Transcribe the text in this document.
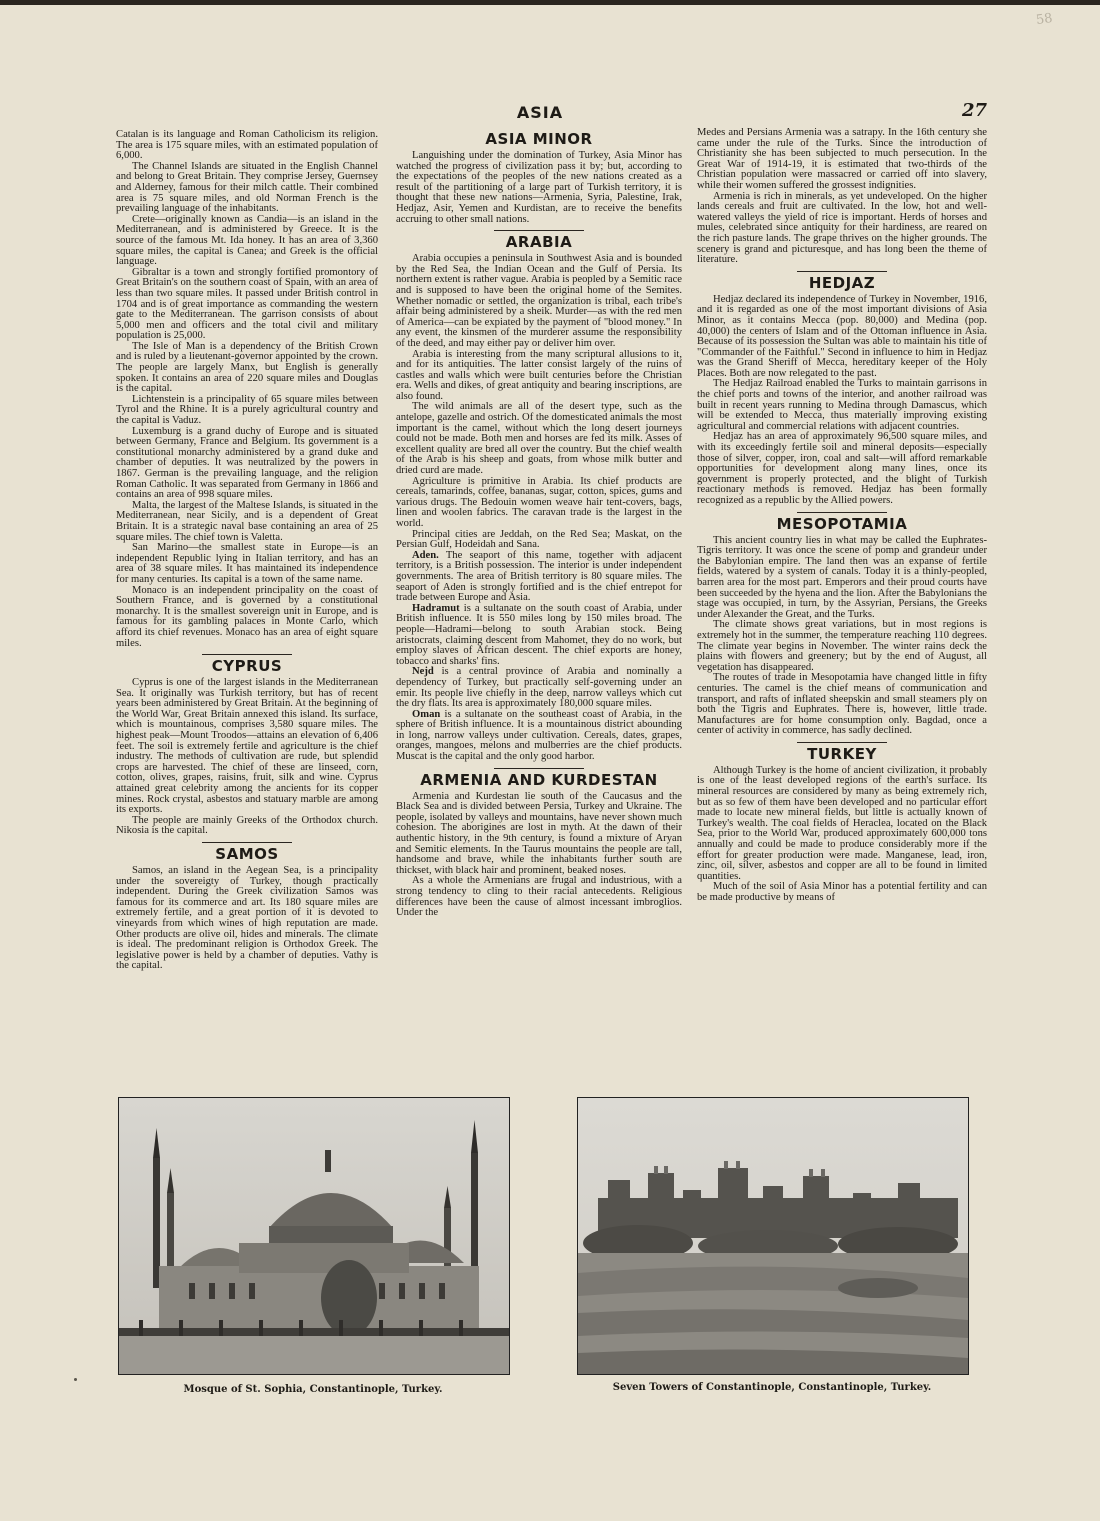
58
ASIA	27

Catalan is its language and Roman Catholicism its religion. The area is 175 square miles, with an estimated population of 6,000.

The Channel Islands are situated in the English Channel and belong to Great Britain. They comprise Jersey, Guernsey and Alderney, famous for their milch cattle. Their combined area is 75 square miles, and old Norman French is the prevailing language of the inhabitants.

Crete—originally known as Candia—is an island in the Mediterranean, and is administered by Greece. It is the source of the famous Mt. Ida honey. It has an area of 3,360 square miles, the capital is Canea; and Greek is the official language.

Gibraltar is a town and strongly fortified promontory of Great Britain's on the southern coast of Spain, with an area of less than two square miles. It passed under British control in 1704 and is of great importance as commanding the western gate to the Mediterranean. The garrison consists of about 5,000 men and officers and the total civil and military population is 25,000.

The Isle of Man is a dependency of the British Crown and is ruled by a lieutenant-governor appointed by the crown. The people are largely Manx, but English is generally spoken. It contains an area of 220 square miles and Douglas is the capital.

Lichtenstein is a principality of 65 square miles between Tyrol and the Rhine. It is a purely agricultural country and the capital is Vaduz.

Luxemburg is a grand duchy of Europe and is situated between Germany, France and Belgium. Its government is a constitutional monarchy administered by a grand duke and chamber of deputies. It was neutralized by the powers in 1867. German is the prevailing language, and the religion Roman Catholic. It was separated from Germany in 1866 and contains an area of 998 square miles.

Malta, the largest of the Maltese Islands, is situated in the Mediterranean, near Sicily, and is a dependent of Great Britain. It is a strategic naval base containing an area of 25 square miles. The chief town is Valetta.

San Marino—the smallest state in Europe—is an independent Republic lying in Italian territory, and has an area of 38 square miles. It has maintained its independence for many centuries. Its capital is a town of the same name.

Monaco is an independent principality on the coast of Southern France, and is governed by a constitutional monarchy. It is the smallest sovereign unit in Europe, and is famous for its gambling palaces in Monte Carlo, which afford its chief revenues. Monaco has an area of eight square miles.

CYPRUS

Cyprus is one of the largest islands in the Mediterranean Sea. It originally was Turkish territory, but has of recent years been administered by Great Britain. At the beginning of the World War, Great Britain annexed this island. Its surface, which is mountainous, comprises 3,580 square miles. The highest peak—Mount Troodos—attains an elevation of 6,406 feet. The soil is extremely fertile and agriculture is the chief industry. The methods of cultivation are rude, but splendid crops are harvested. The chief of these are linseed, corn, cotton, olives, grapes, raisins, fruit, silk and wine. Cyprus attained great celebrity among the ancients for its copper mines. Rock crystal, asbestos and statuary marble are among its exports.

The people are mainly Greeks of the Orthodox church. Nikosia is the capital.

SAMOS

Samos, an island in the Aegean Sea, is a principality under the sovereigty of Turkey, though practically independent. During the Greek civilization Samos was famous for its commerce and art. Its 180 square miles are extremely fertile, and a great portion of it is devoted to vineyards from which wines of high reputation are made. Other products are olive oil, hides and minerals. The climate is ideal. The predominant religion is Orthodox Greek. The legislative power is held by a chamber of deputies. Vathy is the capital.

ASIA MINOR

Languishing under the domination of Turkey, Asia Minor has watched the progress of civilization pass it by; but, according to the expectations of the peoples of the new nations created as a result of the partitioning of a large part of Turkish territory, it is thought that these new nations—Armenia, Syria, Palestine, Irak, Hedjaz, Asir, Yemen and Kurdistan, are to receive the benefits accruing to other small nations.

ARABIA

Arabia occupies a peninsula in Southwest Asia and is bounded by the Red Sea, the Indian Ocean and the Gulf of Persia. Its northern extent is rather vague. Arabia is peopled by a Semitic race and is supposed to have been the original home of the Semites. Whether nomadic or settled, the organization is tribal, each tribe's affair being administered by a sheik. Murder—as with the red men of America—can be expiated by the payment of "blood money." In any event, the kinsmen of the murderer assume the responsibility of the deed, and may either pay or deliver him over.

Arabia is interesting from the many scriptural allusions to it, and for its antiquities. The latter consist largely of the ruins of castles and walls which were built centuries before the Christian era. Wells and dikes, of great antiquity and bearing inscriptions, are also found.

The wild animals are all of the desert type, such as the antelope, gazelle and ostrich. Of the domesticated animals the most important is the camel, without which the long desert journeys could not be made. Both men and horses are fed its milk. Asses of excellent quality are bred all over the country. But the chief wealth of the Arab is his sheep and goats, from whose milk butter and dried curd are made.

Agriculture is primitive in Arabia. Its chief products are cereals, tamarinds, coffee, bananas, sugar, cotton, spices, gums and various drugs. The Bedouin women weave hair tent-covers, bags, linen and woolen fabrics. The caravan trade is the largest in the world.

Principal cities are Jeddah, on the Red Sea; Maskat, on the Persian Gulf, Hodeidah and Sana.

Aden. The seaport of this name, together with adjacent territory, is a British possession. The interior is under independent governments. The area of British territory is 80 square miles. The seaport of Aden is strongly fortified and is the chief entrepot for trade between Europe and Asia.

Hadramut is a sultanate on the south coast of Arabia, under British influence. It is 550 miles long by 150 miles broad. The people—Hadrami—belong to south Arabian stock. Being aristocrats, claiming descent from Mahomet, they do no work, but employ slaves of African descent. The chief exports are honey, tobacco and sharks' fins.

Nejd is a central province of Arabia and nominally a dependency of Turkey, but practically self-governing under an emir. Its people live chiefly in the deep, narrow valleys which cut the dry flats. Its area is approximately 180,000 square miles.

Oman is a sultanate on the southeast coast of Arabia, in the sphere of British influence. It is a mountainous district abounding in long, narrow valleys under cultivation. Cereals, dates, grapes, oranges, mangoes, melons and mulberries are the chief products. Muscat is the capital and the only good harbor.

ARMENIA AND KURDESTAN

Armenia and Kurdestan lie south of the Caucasus and the Black Sea and is divided between Persia, Turkey and Ukraine. The people, isolated by valleys and mountains, have never shown much cohesion. The aborigines are lost in myth. At the dawn of their authentic history, in the 9th century, is found a mixture of Aryan and Semitic elements. In the Taurus mountains the people are tall, handsome and brave, while the inhabitants further south are thickset, with black hair and prominent, beaked noses.

As a whole the Armenians are frugal and industrious, with a strong tendency to cling to their racial antecedents. Religious differences have been the cause of almost incessant imbroglios. Under the

Medes and Persians Armenia was a satrapy. In the 16th century she came under the rule of the Turks. Since the introduction of Christianity she has been subjected to much persecution. In the Great War of 1914-19, it is estimated that two-thirds of the Christian population were massacred or carried off into slavery, while their women suffered the grossest indignities.

Armenia is rich in minerals, as yet undeveloped. On the higher lands cereals and fruit are cultivated. In the low, hot and well-watered valleys the yield of rice is important. Herds of horses and mules, celebrated since antiquity for their hardiness, are reared on the rich pasture lands. The grape thrives on the higher grounds. The scenery is grand and picturesque, and has long been the theme of literature.

HEDJAZ

Hedjaz declared its independence of Turkey in November, 1916, and it is regarded as one of the most important divisions of Asia Minor, as it contains Mecca (pop. 80,000) and Medina (pop. 40,000) the centers of Islam and of the Ottoman influence in Asia. Because of its possession the Sultan was able to maintain his title of "Commander of the Faithful." Second in influence to him in Hedjaz was the Grand Sheriff of Mecca, hereditary keeper of the Holy Places. Both are now relegated to the past.

The Hedjaz Railroad enabled the Turks to maintain garrisons in the chief ports and towns of the interior, and another railroad was built in recent years running to Medina through Damascus, which will be extended to Mecca, thus materially improving existing agricultural and commercial relations with adjacent countries.

Hedjaz has an area of approximately 96,500 square miles, and with its exceedingly fertile soil and mineral deposits—especially those of silver, copper, iron, coal and salt—will afford remarkable opportunities for development along many lines, once its government is properly protected, and the blight of Turkish reactionary methods is removed. Hedjaz has been formally recognized as a republic by the Allied powers.

MESOPOTAMIA

This ancient country lies in what may be called the Euphrates-Tigris territory. It was once the scene of pomp and grandeur under the Babylonian empire. The land then was an expanse of fertile fields, watered by a system of canals. Today it is a thinly-peopled, barren area for the most part. Emperors and their proud courts have been succeeded by the hyena and the lion. After the Babylonians the stage was occupied, in turn, by the Assyrian, Persians, the Greeks under Alexander the Great, and the Turks.

The climate shows great variations, but in most regions is extremely hot in the summer, the temperature reaching 110 degrees. The climate year begins in November. The winter rains deck the plains with flowers and greenery; but by the end of August, all vegetation has disappeared.

The routes of trade in Mesopotamia have changed little in fifty centuries. The camel is the chief means of communication and transport, and rafts of inflated sheepskin and small steamers ply on both the Tigris and Euphrates. There is, however, little trade. Manufactures are for home consumption only. Bagdad, once a center of activity in commerce, has sadly declined.

TURKEY

Although Turkey is the home of ancient civilization, it probably is one of the least developed regions of the earth's surface. Its mineral resources are considered by many as being extremely rich, but as so few of them have been developed and no particular effort made to locate new mineral fields, but little is actually known of Turkey's wealth. The coal fields of Heraclea, located on the Black Sea, prior to the World War, produced approximately 600,000 tons annually and could be made to produce considerably more if the effort for greater production were made. Manganese, lead, iron, zinc, oil, silver, asbestos and copper are all to be found in limited quantities.

Much of the soil of Asia Minor has a potential fertility and can be made productive by means of

Mosque of St. Sophia, Constantinople, Turkey.	Seven Towers of Constantinople, Constantinople, Turkey.
